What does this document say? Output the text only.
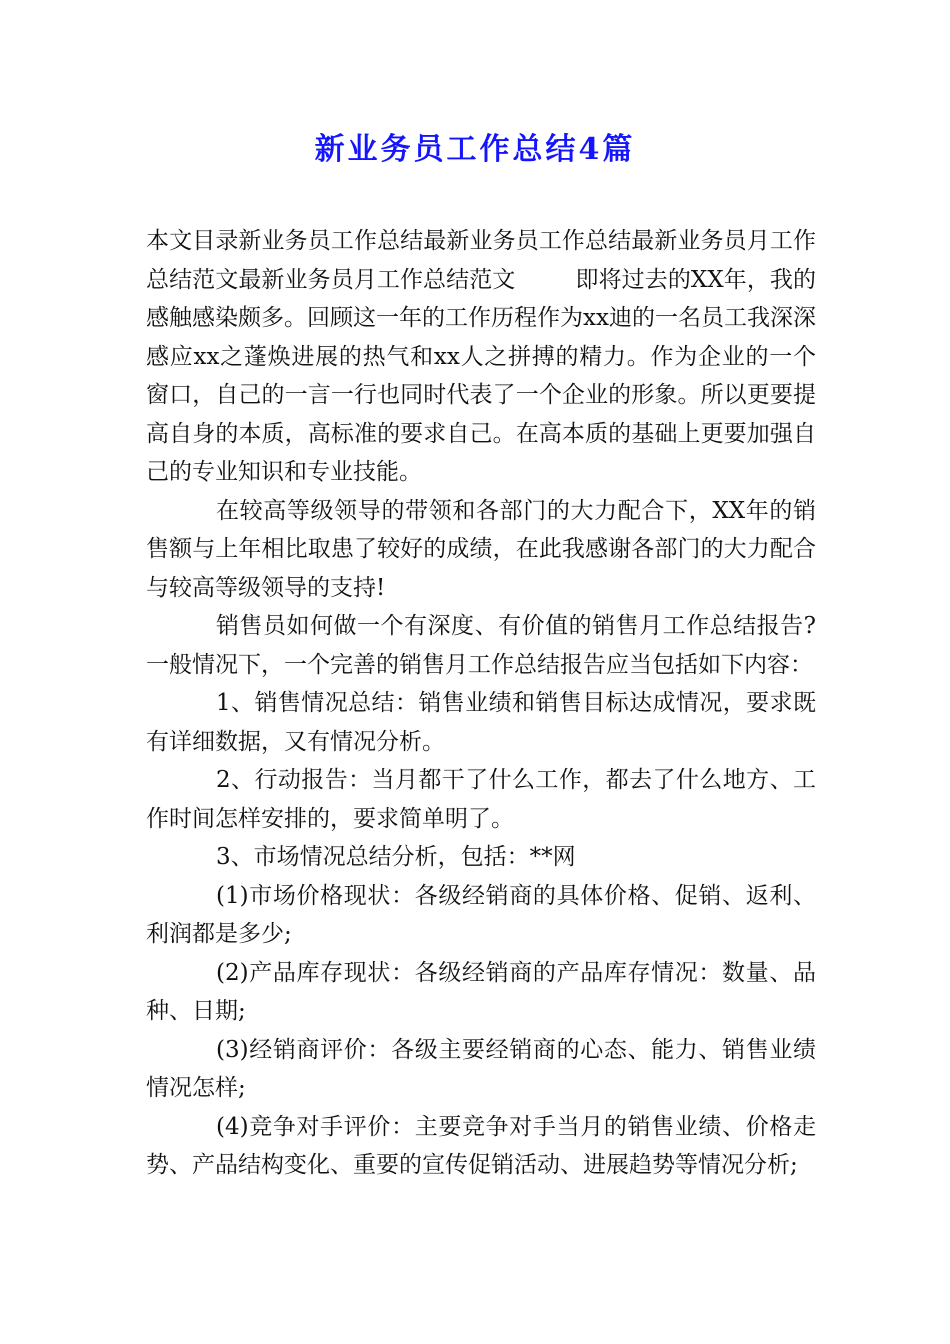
新业务员工作总结4篇

本文目录新业务员工作总结最新业务员工作总结最新业务员月工作总结范文最新业务员月工作总结范文	即将过去的XX年，我的感触感染颇多。回顾这一年的工作历程作为xx迪的一名员工我深深感应xx之蓬焕进展的热气和xx人之拼搏的精力。作为企业的一个窗口，自己的一言一行也同时代表了一个企业的形象。所以更要提高自身的本质，高标准的要求自己。在高本质的基础上更要加强自己的专业知识和专业技能。

在较高等级领导的带领和各部门的大力配合下，XX年的销售额与上年相比取患了较好的成绩，在此我感谢各部门的大力配合与较高等级领导的支持!

销售员如何做一个有深度、有价值的销售月工作总结报告?一般情况下，一个完善的销售月工作总结报告应当包括如下内容：

1、销售情况总结：销售业绩和销售目标达成情况，要求既有详细数据，又有情况分析。

2、行动报告：当月都干了什么工作，都去了什么地方、工作时间怎样安排的，要求简单明了。

3、市场情况总结分析，包括：**网

(1)市场价格现状：各级经销商的具体价格、促销、返利、利润都是多少;

(2)产品库存现状：各级经销商的产品库存情况：数量、品种、日期;

(3)经销商评价：各级主要经销商的心态、能力、销售业绩情况怎样;

(4)竞争对手评价：主要竞争对手当月的销售业绩、价格走势、产品结构变化、重要的宣传促销活动、进展趋势等情况分析;
